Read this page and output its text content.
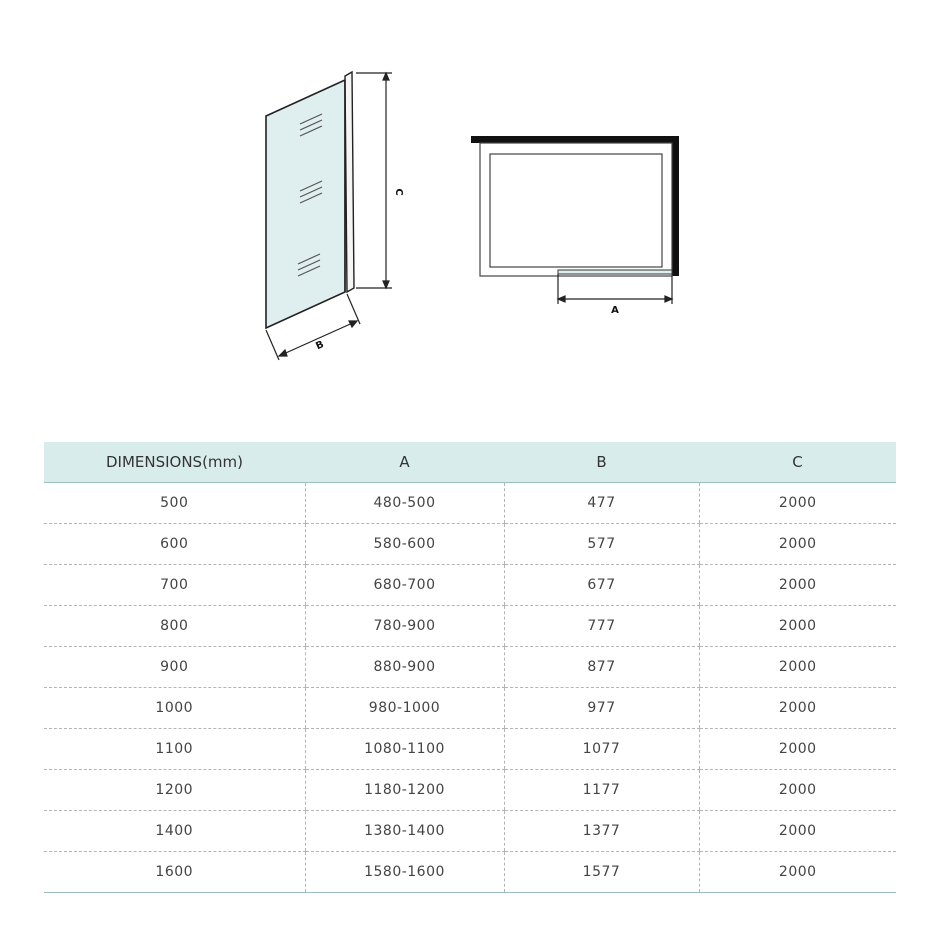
C
B
A
DIMENSIONS(mm)	A	B	C
500	480-500	477	2000
600	580-600	577	2000
700	680-700	677	2000
800	780-900	777	2000
900	880-900	877	2000
1000	980-1000	977	2000
1100	1080-1100	1077	2000
1200	1180-1200	1177	2000
1400	1380-1400	1377	2000
1600	1580-1600	1577	2000
